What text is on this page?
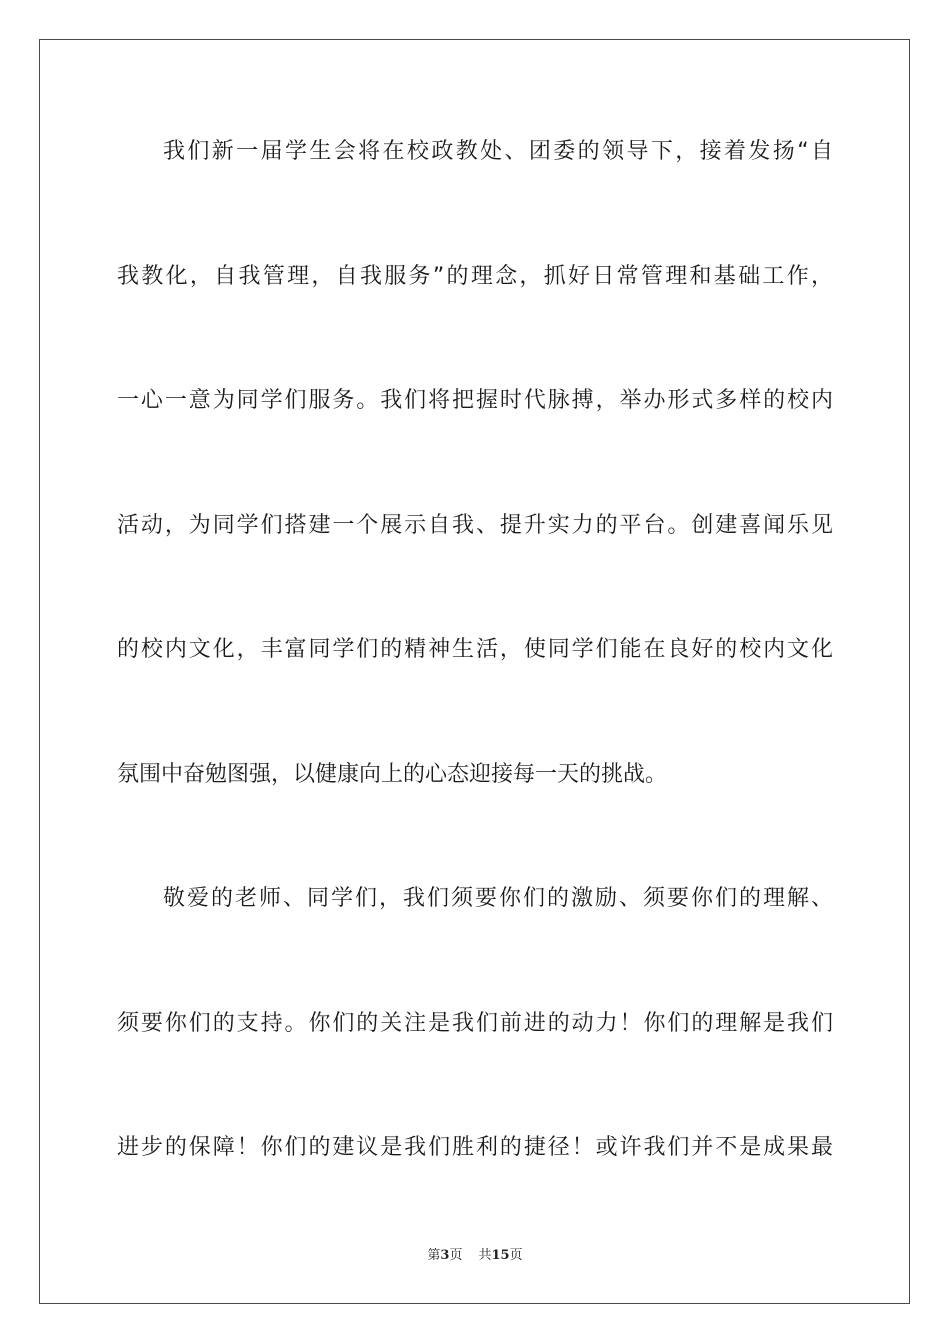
我们新一届学生会将在校政教处、团委的领导下，接着发扬“自
我教化，自我管理，自我服务”的理念，抓好日常管理和基础工作，
一心一意为同学们服务。我们将把握时代脉搏，举办形式多样的校内
活动，为同学们搭建一个展示自我、提升实力的平台。创建喜闻乐见
的校内文化，丰富同学们的精神生活，使同学们能在良好的校内文化
氛围中奋勉图强，以健康向上的心态迎接每一天的挑战。
敬爱的老师、同学们，我们须要你们的激励、须要你们的理解、
须要你们的支持。你们的关注是我们前进的动力！你们的理解是我们
进步的保障！你们的建议是我们胜利的捷径！或许我们并不是成果最
第3页 共15页
